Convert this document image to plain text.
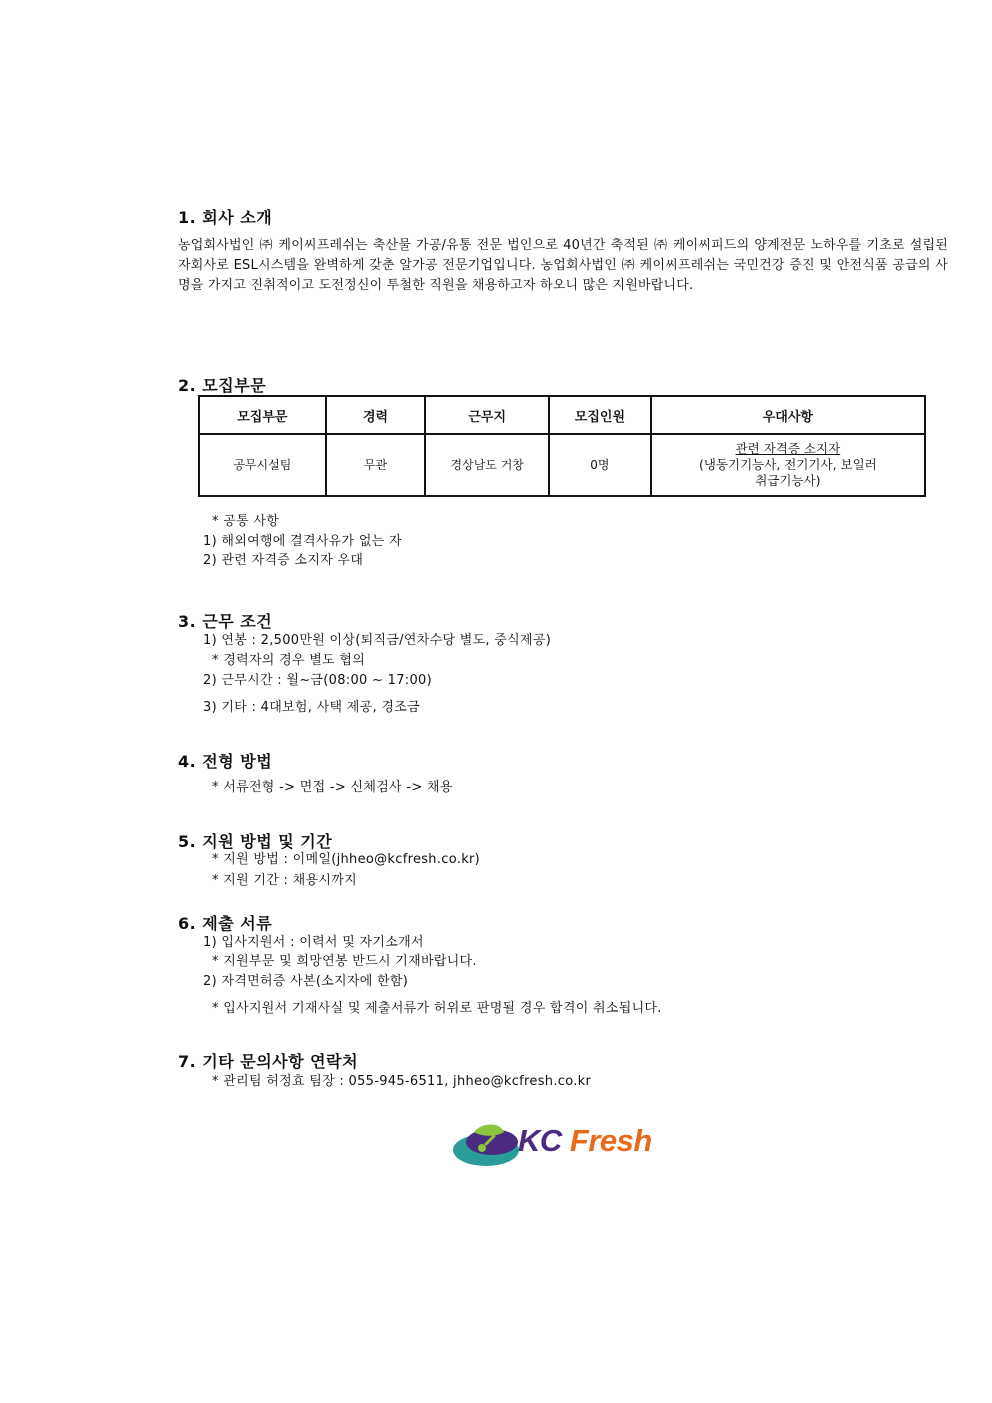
1. 회사 소개

농업회사법인 ㈜ 케이씨프레쉬는 축산물 가공/유통 전문 법인으로 40년간 축적된 ㈜ 케이씨피드의 양계전문 노하우를 기초로 설립된 자회사로 ESL시스템을 완벽하게 갖춘 알가공 전문기업입니다. 농업회사법인 ㈜ 케이씨프레쉬는 국민건강 증진 및 안전식품 공급의 사명을 가지고 진취적이고 도전정신이 투철한 직원을 채용하고자 하오니 많은 지원바랍니다.

2. 모집부문
모집부문	경력	근무지	모집인원	우대사항
공무시설팀	무관	경상남도 거창	0명	관련 자격증 소지자
(냉동기기능사, 전기기사, 보일러
취급기능사)

* 공통 사항

1) 해외여행에 결격사유가 없는 자

2) 관련 자격증 소지자 우대

3. 근무 조건

1) 연봉 : 2,500만원 이상(퇴직금/연차수당 별도, 중식제공)

* 경력자의 경우 별도 협의

2) 근무시간 : 월~금(08:00 ~ 17:00)

3) 기타 : 4대보험, 사택 제공, 경조금

4. 전형 방법

* 서류전형 -> 면접 -> 신체검사 -> 채용

5. 지원 방법 및 기간

* 지원 방법 : 이메일(jhheo@kcfresh.co.kr)

* 지원 기간 : 채용시까지

6. 제출 서류

1) 입사지원서 : 이력서 및 자기소개서

* 지원부문 및 희망연봉 반드시 기재바랍니다.

2) 자격면허증 사본(소지자에 한함)

* 입사지원서 기재사실 및 제출서류가 허위로 판명될 경우 합격이 취소됩니다.

7. 기타 문의사항 연락처

* 관리팀 허정효 팀장 : 055-945-6511, jhheo@kcfresh.co.kr

KC Fresh
